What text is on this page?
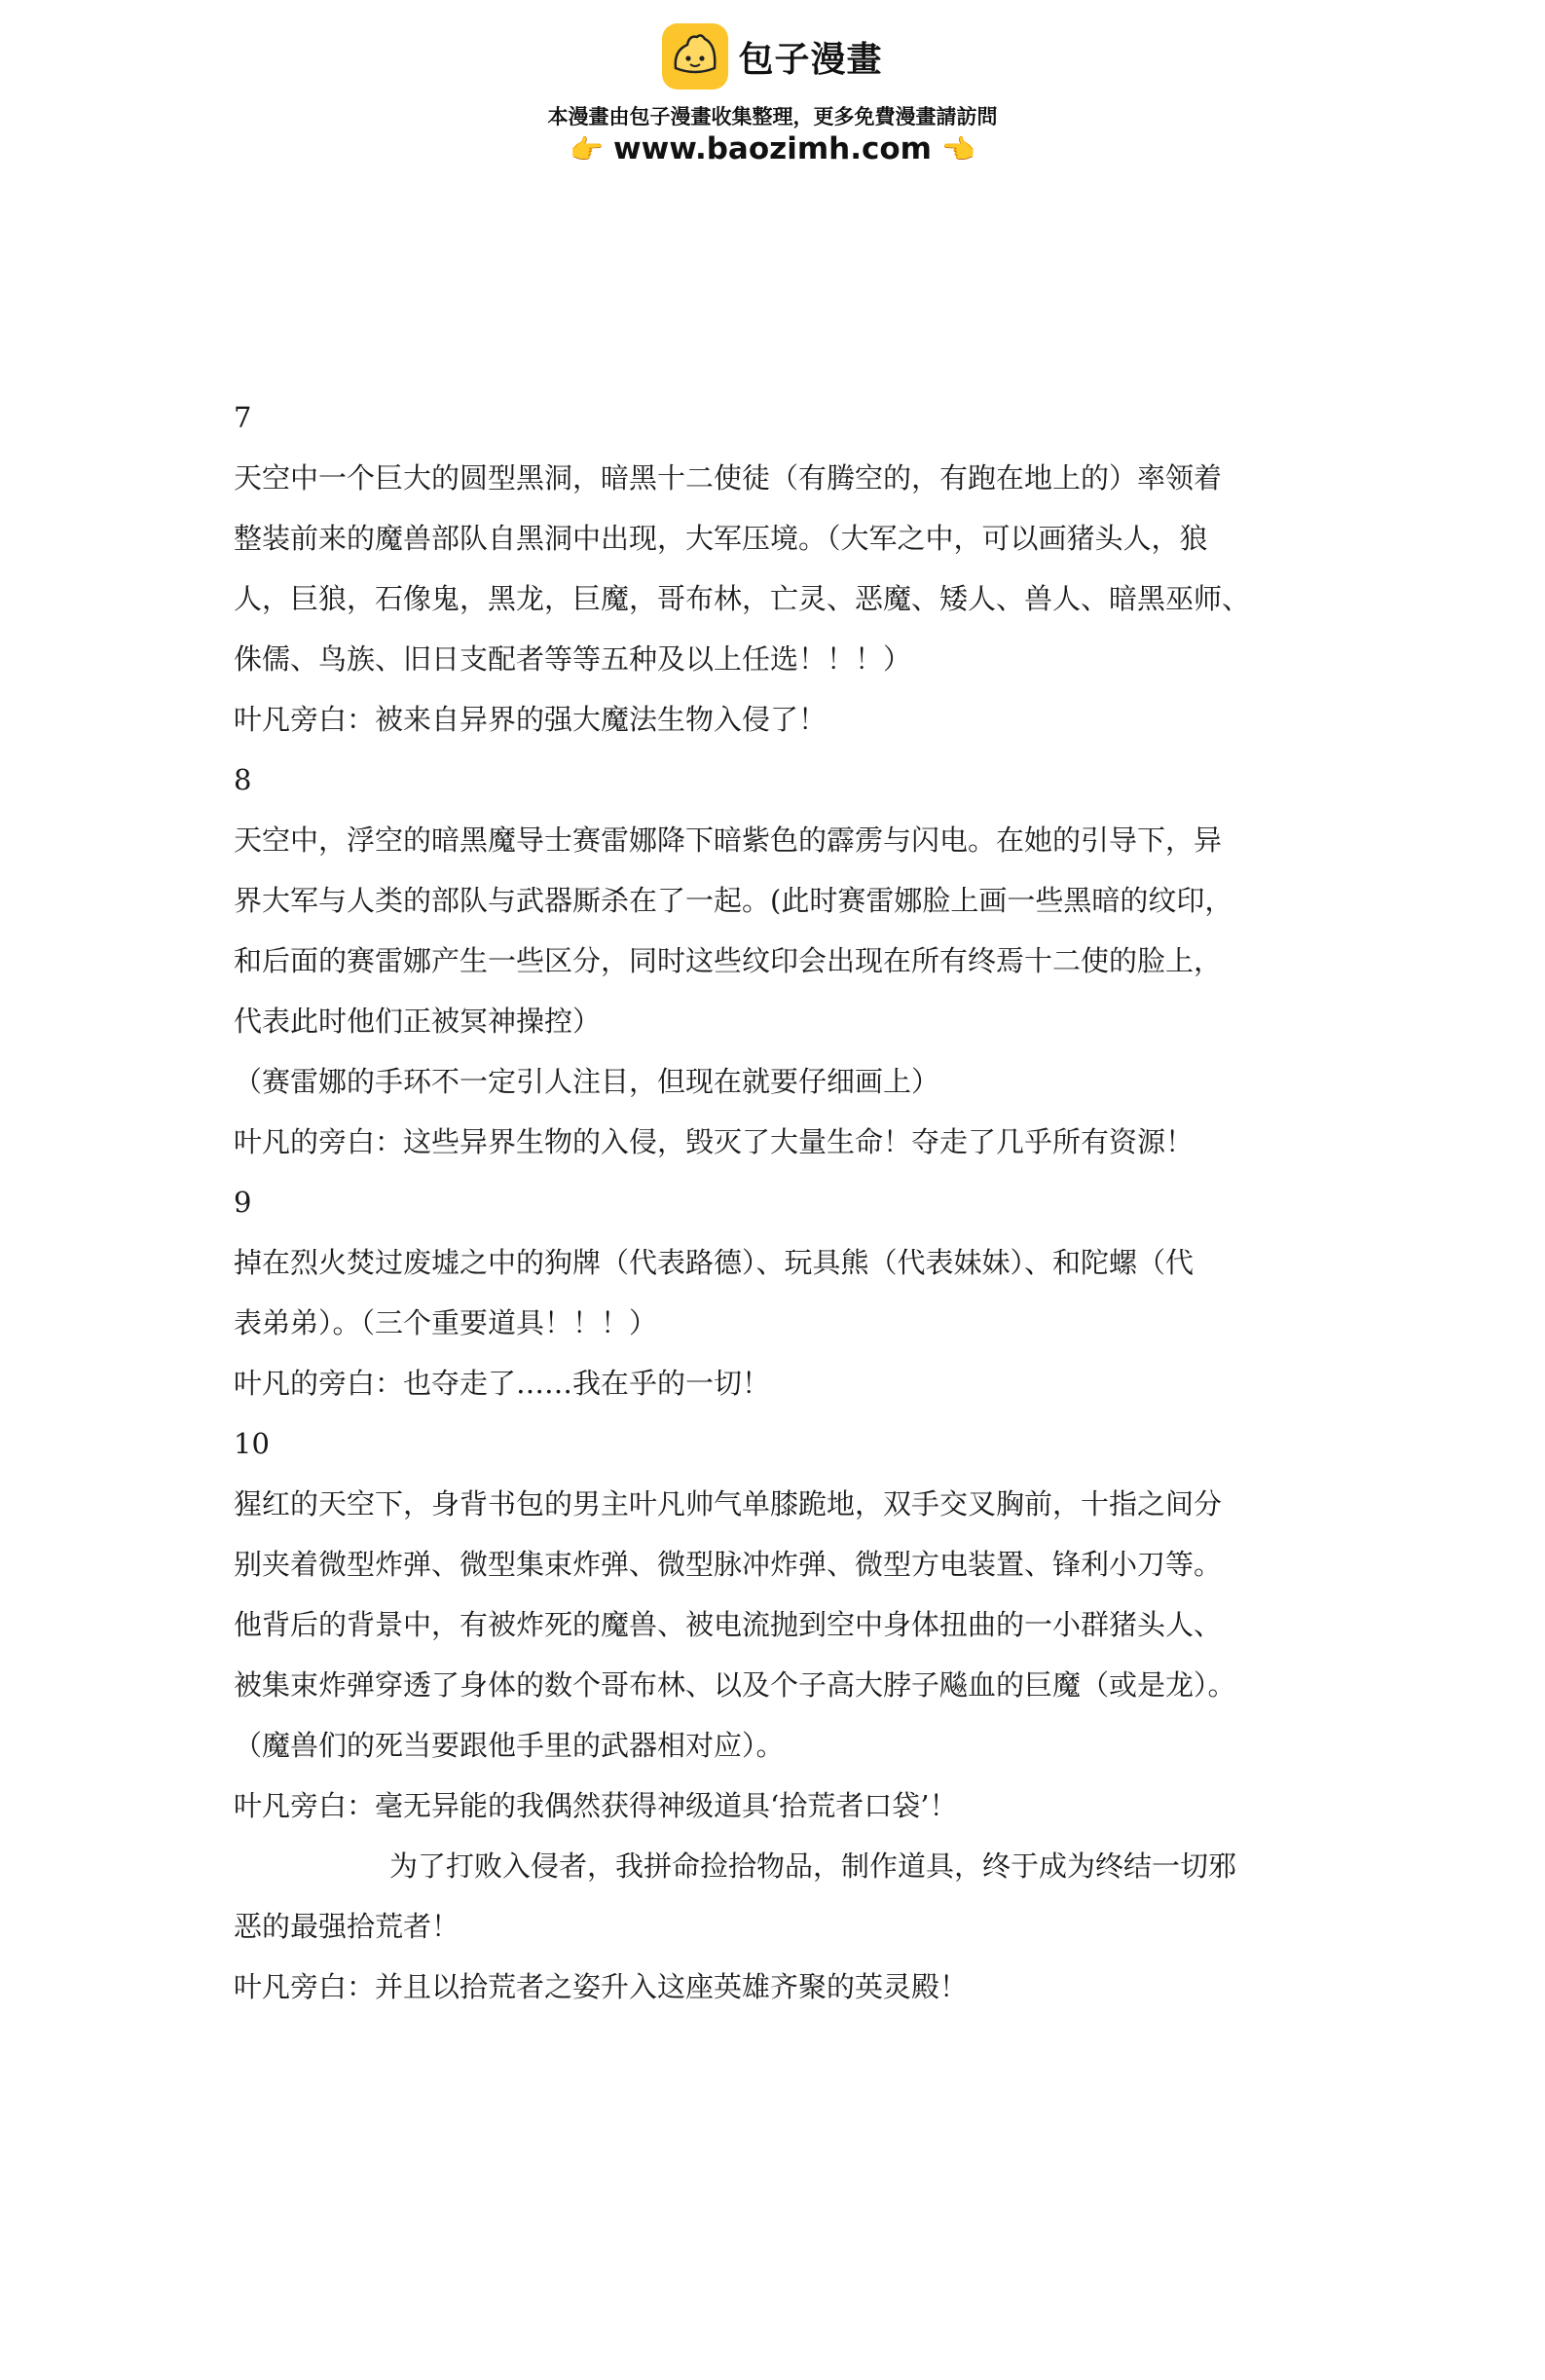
包子漫畫
本漫畫由包子漫畫收集整理，更多免費漫畫請訪問
👉 www.baozimh.com 👈
7
天空中一个巨大的圆型黑洞，暗黑十二使徒（有腾空的，有跑在地上的）率领着
整装前来的魔兽部队自黑洞中出现，大军压境。（大军之中，可以画猪头人，狼
人，巨狼，石像鬼，黑龙，巨魔，哥布林，亡灵、恶魔、矮人、兽人、暗黑巫师、
侏儒、鸟族、旧日支配者等等五种及以上任选！！！）
叶凡旁白：被来自异界的强大魔法生物入侵了！
8
天空中，浮空的暗黑魔导士赛雷娜降下暗紫色的霹雳与闪电。在她的引导下，异
界大军与人类的部队与武器厮杀在了一起。(此时赛雷娜脸上画一些黑暗的纹印，
和后面的赛雷娜产生一些区分，同时这些纹印会出现在所有终焉十二使的脸上，
代表此时他们正被冥神操控）
（赛雷娜的手环不一定引人注目，但现在就要仔细画上）
叶凡的旁白：这些异界生物的入侵，毁灭了大量生命！夺走了几乎所有资源！
9
掉在烈火焚过废墟之中的狗牌（代表路德）、玩具熊（代表妹妹）、和陀螺（代
表弟弟）。（三个重要道具！！！）
叶凡的旁白：也夺走了……我在乎的一切！
10
猩红的天空下，身背书包的男主叶凡帅气单膝跪地，双手交叉胸前，十指之间分
别夹着微型炸弹、微型集束炸弹、微型脉冲炸弹、微型方电装置、锋利小刀等。
他背后的背景中，有被炸死的魔兽、被电流抛到空中身体扭曲的一小群猪头人、
被集束炸弹穿透了身体的数个哥布林、以及个子高大脖子飚血的巨魔（或是龙）。
（魔兽们的死当要跟他手里的武器相对应）。
叶凡旁白：毫无异能的我偶然获得神级道具‘拾荒者口袋’！
为了打败入侵者，我拼命捡拾物品，制作道具，终于成为终结一切邪
恶的最强拾荒者！
叶凡旁白：并且以拾荒者之姿升入这座英雄齐聚的英灵殿！
